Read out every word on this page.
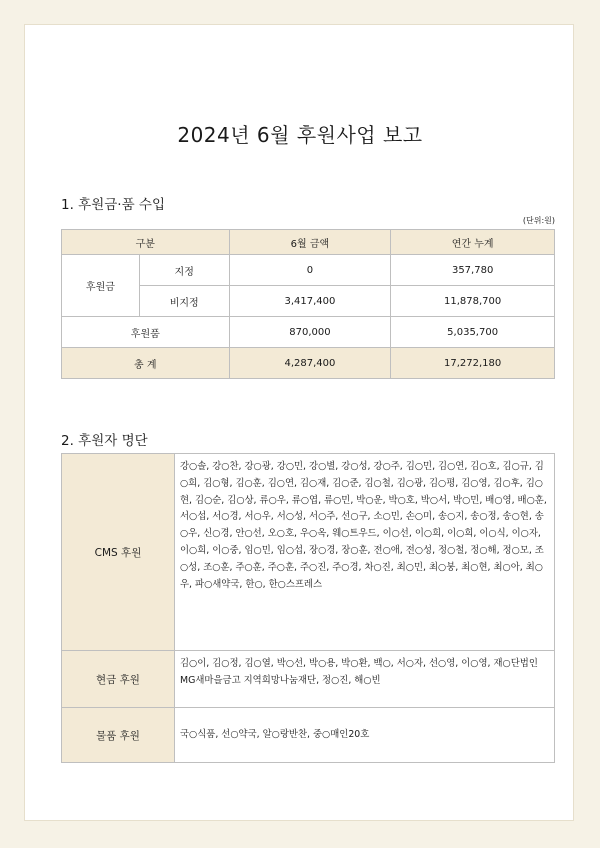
2024년 6월 후원사업 보고
1. 후원금·품 수입
(단위:원)
구분		6월 금액	연간 누계
후원금	지정	0	357,780
	비지정	3,417,400	11,878,700
후원품		870,000	5,035,700
총 계		4,287,400	17,272,180
2. 후원자 명단
CMS 후원	강○솔, 강○찬, 강○광, 강○민, 강○별, 강○성, 강○주, 김○민, 김○연, 김○호, 김○규, 김○희, 김○형, 김○훈, 김○연, 김○재, 김○준, 김○철, 김○광, 김○평, 김○영, 김○후, 김○현, 김○순, 김○상, 류○우, 류○엽, 류○민, 박○운, 박○호, 박○서, 박○민, 배○영, 배○훈, 서○섭, 서○경, 서○우, 서○성, 서○주, 선○구, 소○민, 손○미, 송○지, 송○정, 송○현, 송○우, 신○경, 안○선, 오○호, 우○옥, 웨○트우드, 이○선, 이○희, 이○희, 이○식, 이○자, 이○희, 이○중, 임○민, 임○섭, 장○경, 장○훈, 전○애, 전○성, 정○철, 정○해, 정○모, 조○성, 조○훈, 주○훈, 주○훈, 주○진, 주○경, 차○진, 최○민, 최○붕, 최○현, 최○아, 최○우, 파○새약국, 한○, 한○스프레스
현금 후원	김○이, 김○정, 김○열, 박○선, 박○용, 박○환, 백○, 서○자, 선○영, 이○영, 재○단법인 MG새마을금고 지역희망나눔재단, 정○진, 해○빈
물품 후원	국○식품, 선○약국, 알○랑반찬, 중○매인20호
